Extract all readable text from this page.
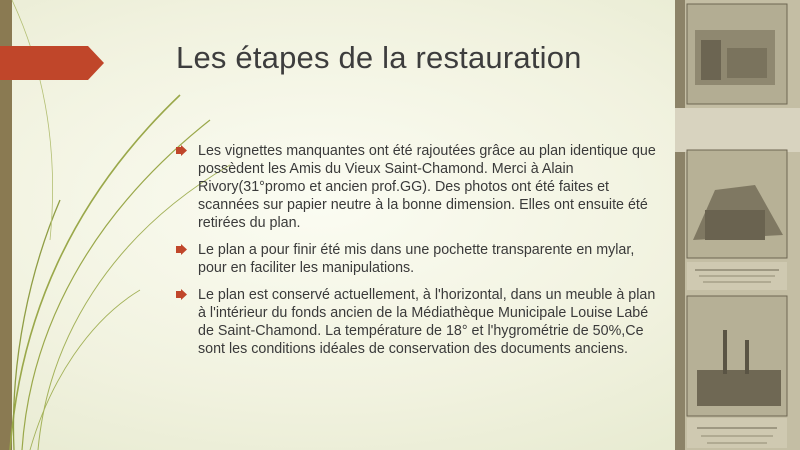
Les étapes de la restauration
Les vignettes manquantes ont été rajoutées grâce au plan identique que possèdent les Amis du Vieux Saint-Chamond. Merci à Alain Rivory(31°promo et ancien prof.GG). Des photos ont été faites et scannées sur papier neutre à la bonne dimension. Elles ont ensuite été retirées du plan.
Le plan a pour finir été mis dans une pochette transparente en mylar, pour en faciliter les manipulations.
Le plan est conservé actuellement, à l'horizontal, dans un meuble à plan à l'intérieur du fonds ancien de la Médiathèque Municipale Louise Labé de Saint-Chamond. La température de 18° et l'hygrométrie de 50%,Ce sont les conditions idéales de conservation des documents anciens.
